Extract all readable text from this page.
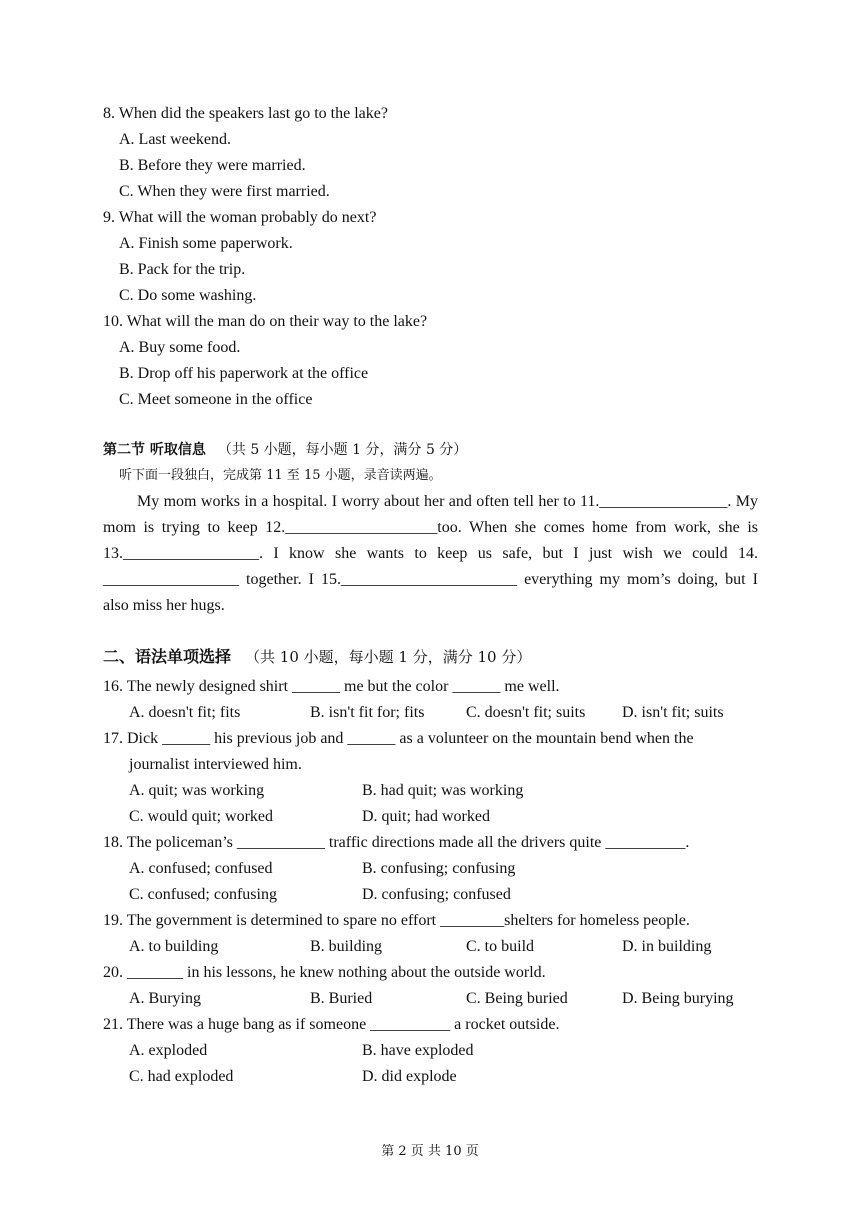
8. When did the speakers last go to the lake?
A. Last weekend.
B. Before they were married.
C. When they were first married.
9. What will the woman probably do next?
A. Finish some paperwork.
B. Pack for the trip.
C. Do some washing.
10. What will the man do on their way to the lake?
A. Buy some food.
B. Drop off his paperwork at the office
C. Meet someone in the office
第二节 听取信息 （共 5 小题，每小题 1 分，满分 5 分）
听下面一段独白，完成第 11 至 15 小题，录音读两遍。
My mom works in a hospital. I worry about her and often tell her to 11.________________. My mom is trying to keep 12.___________________too. When she comes home from work, she is 13._________________. I know she wants to keep us safe, but I just wish we could 14. _________________ together. I 15.______________________ everything my mom’s doing, but I also miss her hugs.
二、语法单项选择 （共 10 小题，每小题 1 分，满分 10 分）
16. The newly designed shirt ______ me but the color ______ me well.
A. doesn't fit; fits	B. isn't fit for; fits	C. doesn't fit; suits D. isn't fit; suits
17. Dick ______ his previous job and ______ as a volunteer on the mountain bend when the
journalist interviewed him.
A. quit; was working	B. had quit; was working
C. would quit; worked	D. quit; had worked
18. The policeman’s ___________ traffic directions made all the drivers quite __________.
A. confused; confused	B. confusing; confusing
C. confused; confusing	D. confusing; confused
19. The government is determined to spare no effort ________shelters for homeless people.
A. to building	B. building	C. to build	D. in building
20. _______ in his lessons, he knew nothing about the outside world.
A. Burying	B. Buried	C. Being buried	D. Being burying
21. There was a huge bang as if someone __________ a rocket outside.
A. exploded	B. have exploded
C. had exploded	D. did explode
第 2 页 共 10 页
